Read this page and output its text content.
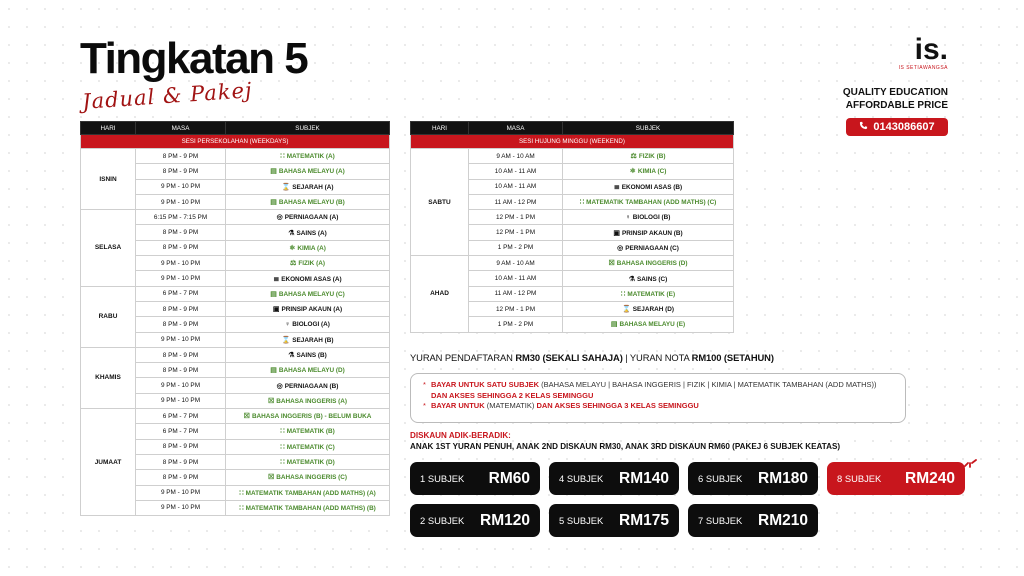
Tingkatan 5
Jadual & Pakej
is.
IS SETIAWANGSA
QUALITY EDUCATION
AFFORDABLE PRICE
0143086607
HARI	MASA	SUBJEK
SESI PERSEKOLAHAN (WEEKDAYS)		
ISNIN	8 PM - 9 PM	∷ MATEMATIK (A)
	8 PM - 9 PM	▤ BAHASA MELAYU (A)
	9 PM - 10 PM	⌛ SEJARAH (A)
	9 PM - 10 PM	▤ BAHASA MELAYU (B)
SELASA	6:15 PM - 7:15 PM	◎ PERNIAGAAN (A)
	8 PM - 9 PM	⚗ SAINS (A)
	8 PM - 9 PM	⚛ KIMIA (A)
	9 PM - 10 PM	⚖ FIZIK (A)
	9 PM - 10 PM	≣ EKONOMI ASAS (A)
RABU	6 PM - 7 PM	▤ BAHASA MELAYU (C)
	8 PM - 9 PM	▣ PRINSIP AKAUN (A)
	8 PM - 9 PM	♀ BIOLOGI (A)
	9 PM - 10 PM	⌛ SEJARAH (B)
KHAMIS	8 PM - 9 PM	⚗ SAINS (B)
	8 PM - 9 PM	▤ BAHASA MELAYU (D)
	9 PM - 10 PM	◎ PERNIAGAAN (B)
	9 PM - 10 PM	☒ BAHASA INGGERIS (A)
JUMAAT	6 PM - 7 PM	☒ BAHASA INGGERIS (B) - BELUM BUKA
	6 PM - 7 PM	∷ MATEMATIK (B)
	8 PM - 9 PM	∷ MATEMATIK (C)
	8 PM - 9 PM	∷ MATEMATIK (D)
	8 PM - 9 PM	☒ BAHASA INGGERIS (C)
	9 PM - 10 PM	∷ MATEMATIK TAMBAHAN (ADD MATHS) (A)
	9 PM - 10 PM	∷ MATEMATIK TAMBAHAN (ADD MATHS) (B)
HARI	MASA	SUBJEK
SESI HUJUNG MINGGU (WEEKEND)		
SABTU	9 AM - 10 AM	⚖ FIZIK (B)
	10 AM - 11 AM	⚛ KIMIA (C)
	10 AM - 11 AM	≣ EKONOMI ASAS (B)
	11 AM - 12 PM	∷ MATEMATIK TAMBAHAN (ADD MATHS) (C)
	12 PM - 1 PM	♀ BIOLOGI (B)
	12 PM - 1 PM	▣ PRINSIP AKAUN (B)
	1 PM - 2 PM	◎ PERNIAGAAN (C)
AHAD	9 AM - 10 AM	☒ BAHASA INGGERIS (D)
	10 AM - 11 AM	⚗ SAINS (C)
	11 AM - 12 PM	∷ MATEMATIK (E)
	12 PM - 1 PM	⌛ SEJARAH (D)
	1 PM - 2 PM	▤ BAHASA MELAYU (E)
YURAN PENDAFTARAN RM30 (SEKALI SAHAJA) | YURAN NOTA RM100 (SETAHUN)
* BAYAR UNTUK SATU SUBJEK (BAHASA MELAYU | BAHASA INGGERIS | FIZIK | KIMIA | MATEMATIK TAMBAHAN (ADD MATHS)) DAN AKSES SEHINGGA 2 KELAS SEMINGGU
* BAYAR UNTUK (MATEMATIK) DAN AKSES SEHINGGA 3 KELAS SEMINGGU
DISKAUN ADIK-BERADIK:
ANAK 1ST YURAN PENUH, ANAK 2ND DISKAUN RM30, ANAK 3RD DISKAUN RM60 (PAKEJ 6 SUBJEK KEATAS)
1 SUBJEK RM60	4 SUBJEK RM140	6 SUBJEK RM180	8 SUBJEK RM240
2 SUBJEK RM120	5 SUBJEK RM175	7 SUBJEK RM210
